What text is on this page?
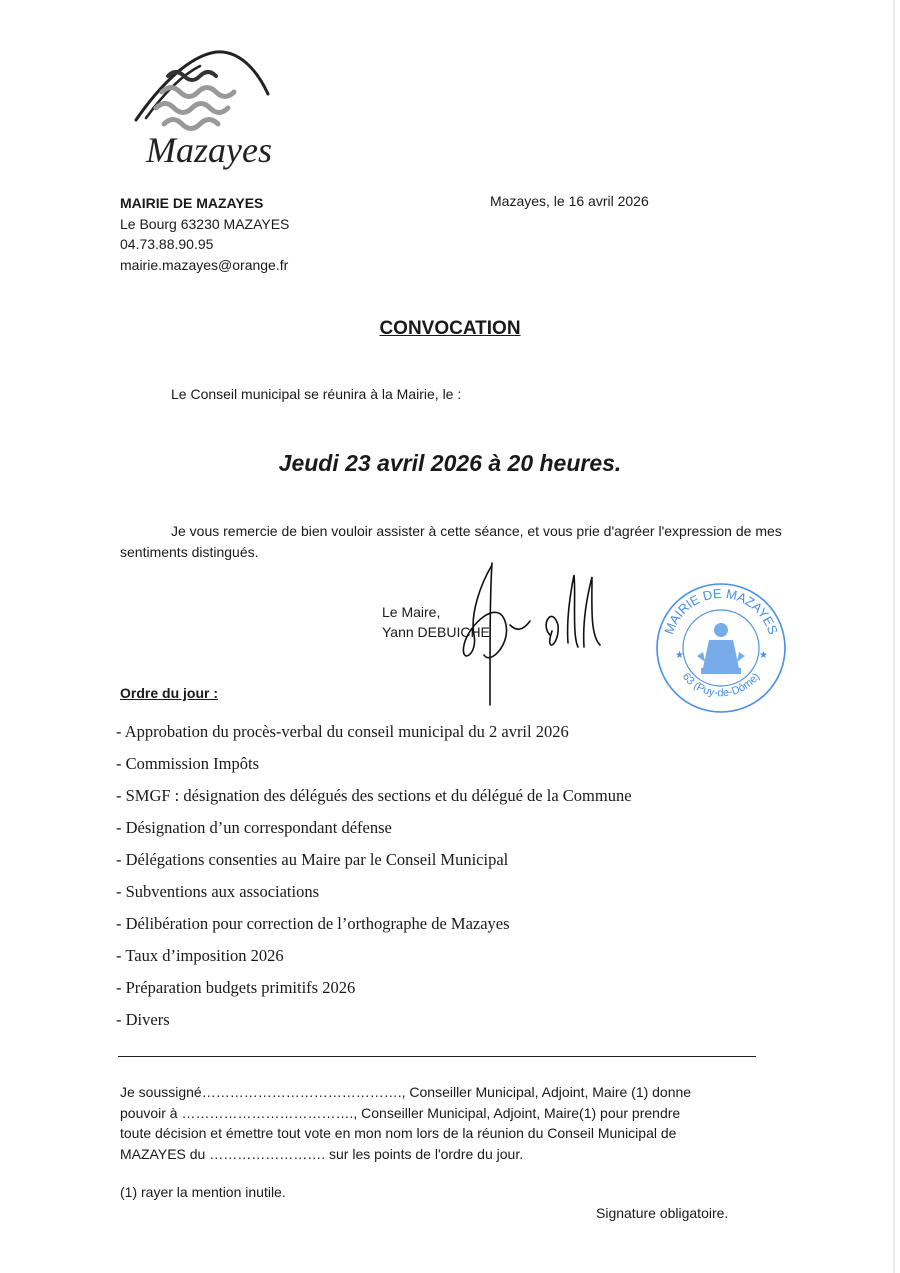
Mazayes
MAIRIE DE MAZAYES
Le Bourg 63230 MAZAYES
04.73.88.90.95
mairie.mazayes@orange.fr
Mazayes, le 16 avril 2026
CONVOCATION
Le Conseil municipal se réunira à la Mairie, le :
Jeudi 23 avril 2026 à 20 heures.
Je vous remercie de bien vouloir assister à cette séance, et vous prie d'agréer l'expression de mes sentiments distingués.
Le Maire,
Yann DEBUICHE	MAIRIE DE MAZAYES
63 (Puy-de-Dôme)
★	★
Ordre du jour :
- Approbation du procès-verbal du conseil municipal du 2 avril 2026
- Commission Impôts
- SMGF : désignation des délégués des sections et du délégué de la Commune
- Désignation d’un correspondant défense
- Délégations consenties au Maire par le Conseil Municipal
- Subventions aux associations
- Délibération pour correction de l’orthographe de Mazayes
- Taux d’imposition 2026
- Préparation budgets primitifs 2026
- Divers
Je soussigné……………………………………., Conseiller Municipal, Adjoint, Maire (1) donne
pouvoir à ………………………………., Conseiller Municipal, Adjoint, Maire(1) pour prendre
toute décision et émettre tout vote en mon nom lors de la réunion du Conseil Municipal de
MAZAYES du ……………………. sur les points de l'ordre du jour.
(1) rayer la mention inutile.
Signature obligatoire.
